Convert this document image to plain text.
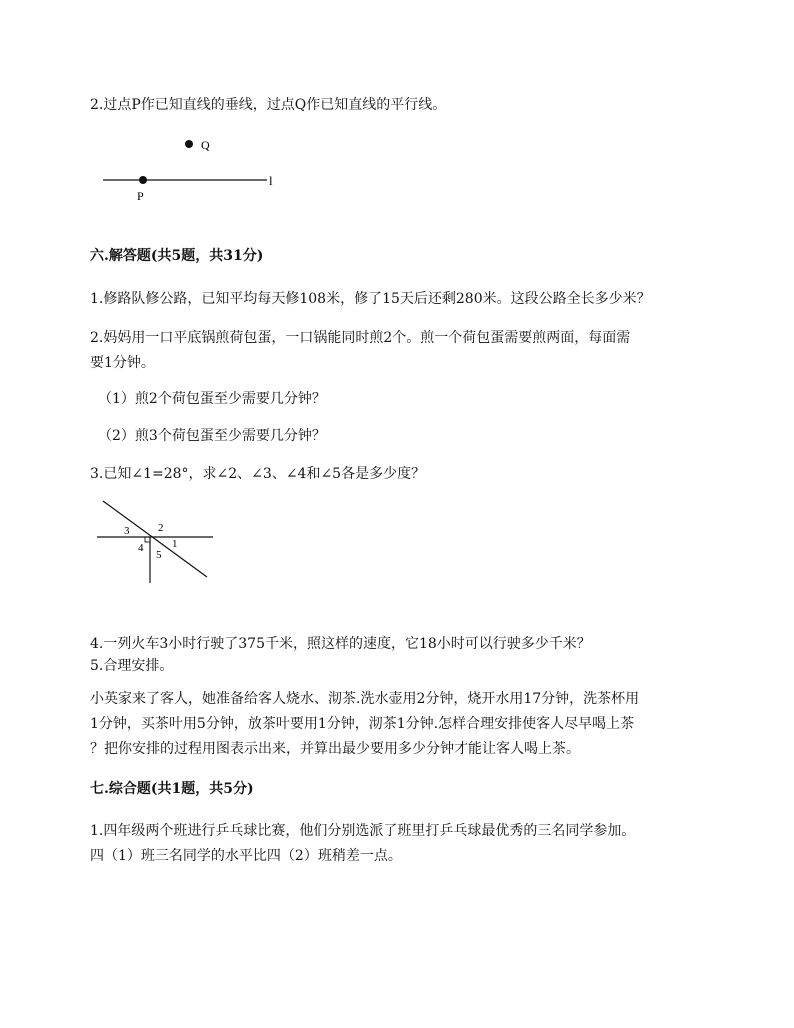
2.过点P作已知直线的垂线，过点Q作已知直线的平行线。
Q
l
P
六.解答题(共5题，共31分)
1.修路队修公路，已知平均每天修108米，修了15天后还剩280米。这段公路全长多少米？
2.妈妈用一口平底锅煎荷包蛋，一口锅能同时煎2个。煎一个荷包蛋需要煎两面，每面需
要1分钟。
（1）煎2个荷包蛋至少需要几分钟？
（2）煎3个荷包蛋至少需要几分钟？
3.已知∠1=28°，求∠2、∠3、∠4和∠5各是多少度？
2
3
4	1
5
4.一列火车3小时行驶了375千米，照这样的速度，它18小时可以行驶多少千米？
5.合理安排。
小英家来了客人，她准备给客人烧水、沏茶.洗水壶用2分钟，烧开水用17分钟，洗茶杯用
1分钟，买茶叶用5分钟，放茶叶要用1分钟，沏茶1分钟.怎样合理安排使客人尽早喝上茶
？把你安排的过程用图表示出来，并算出最少要用多少分钟才能让客人喝上茶。
七.综合题(共1题，共5分)
1.四年级两个班进行乒乓球比赛，他们分别选派了班里打乒乓球最优秀的三名同学参加。
四（1）班三名同学的水平比四（2）班稍差一点。
